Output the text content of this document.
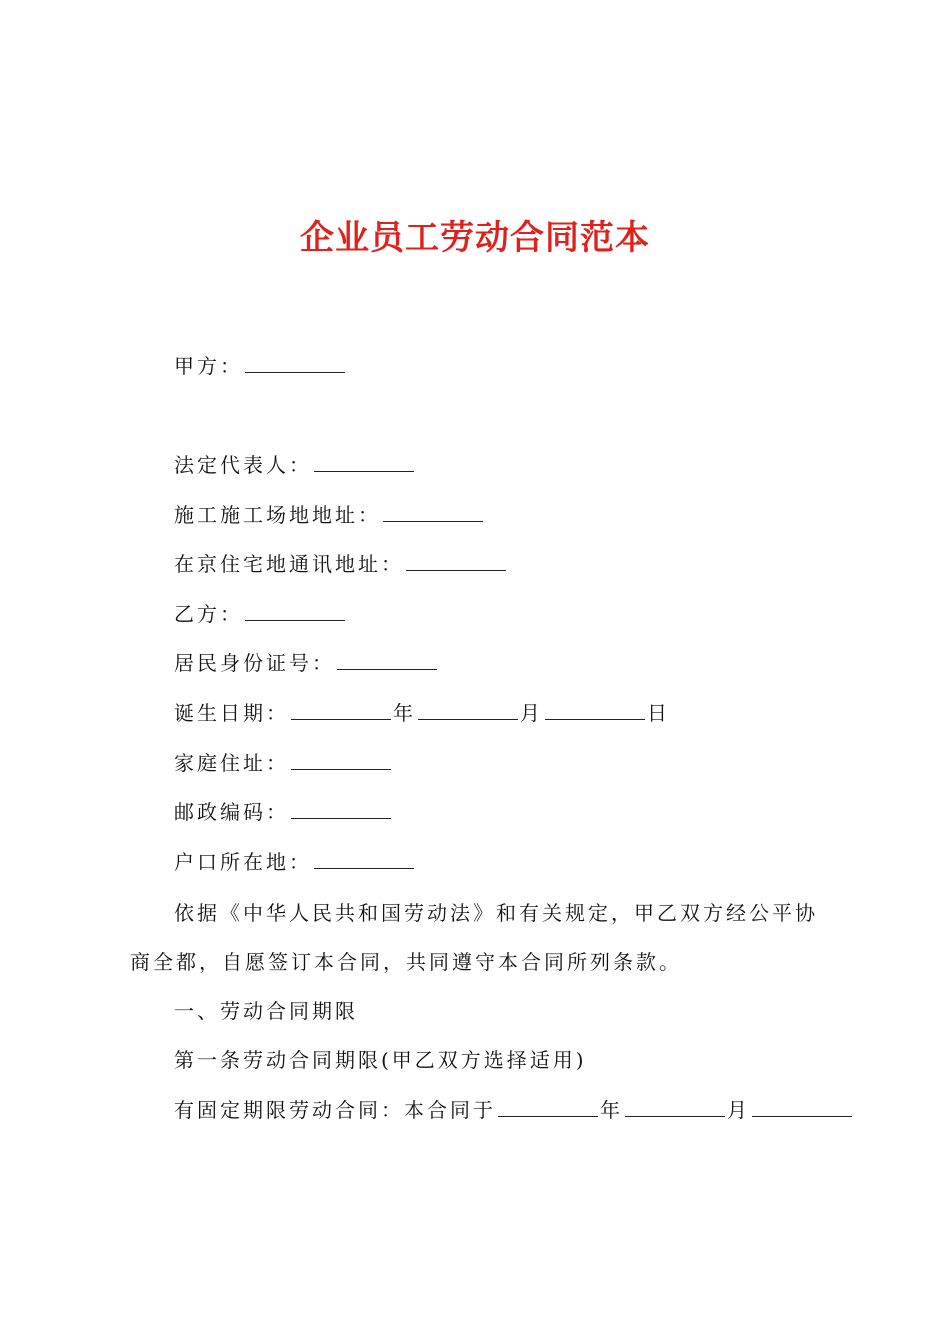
企业员工劳动合同范本
甲方：
法定代表人：
施工施工场地地址：
在京住宅地通讯地址：
乙方：
居民身份证号：
诞生日期：	年	月	日
家庭住址：
邮政编码：
户口所在地：
依据《中华人民共和国劳动法》和有关规定，甲乙双方经公平协商全都，自愿签订本合同，共同遵守本合同所列条款。
一、劳动合同期限
第一条劳动合同期限(甲乙双方选择适用)
有固定期限劳动合同：本合同于	年	月
